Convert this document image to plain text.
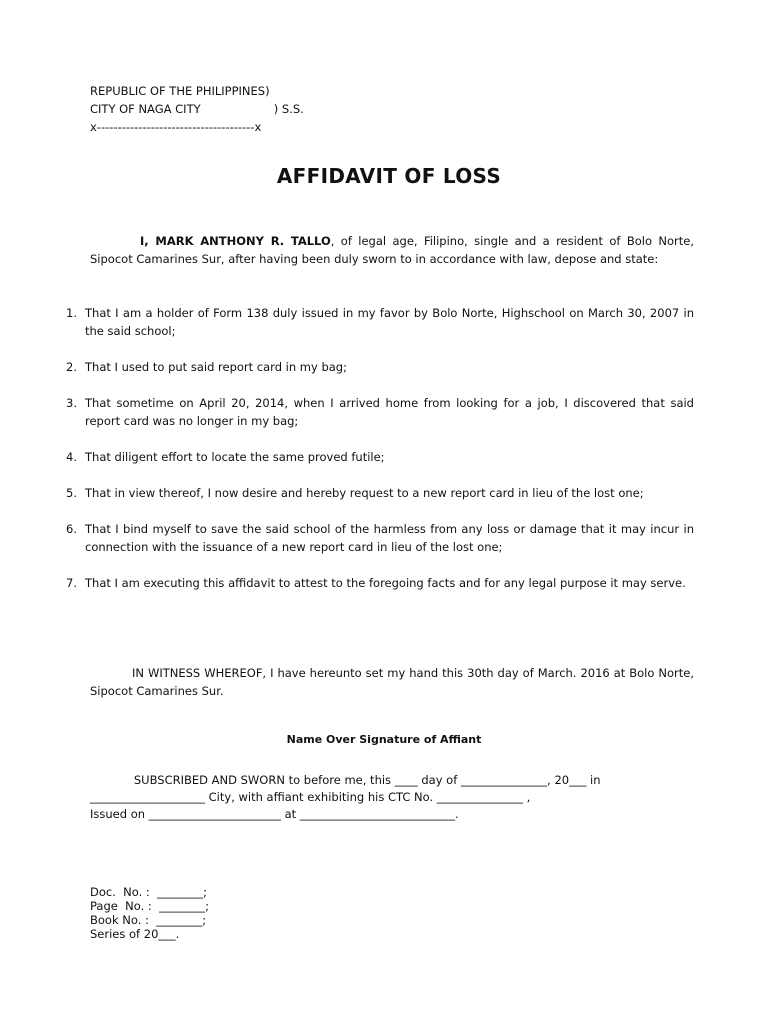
REPUBLIC OF THE PHILIPPINES)
CITY OF NAGA CITY                    ) S.S.
x--------------------------------------x
AFFIDAVIT OF LOSS
I, MARK ANTHONY R. TALLO, of legal age, Filipino, single and a resident of Bolo Norte, Sipocot Camarines Sur, after having been duly sworn to in accordance with law, depose and state:
1. That I am a holder of Form 138 duly issued in my favor by Bolo Norte, Highschool on March 30, 2007 in the said school;
2. That I used to put said report card in my bag;
3. That sometime on April 20, 2014, when I arrived home from looking for a job, I discovered that said report card was no longer in my bag;
4. That diligent effort to locate the same proved futile;
5. That in view thereof, I now desire and hereby request to a new report card in lieu of the lost one;
6. That I bind myself to save the said school of the harmless from any loss or damage that it may incur in connection with the issuance of a new report card in lieu of the lost one;
7. That I am executing this affidavit to attest to the foregoing facts and for any legal purpose it may serve.
IN WITNESS WHEREOF, I have hereunto set my hand this 30th day of March. 2016 at Bolo Norte, Sipocot Camarines Sur.
Name Over Signature of Affiant
SUBSCRIBED AND SWORN to before me, this ____ day of _______________, 20___ in
____________________ City, with affiant exhibiting his CTC No. _______________ ,
Issued on _______________________ at ___________________________.
Doc.  No. :  ________;
Page  No. :  ________;
Book No. :  ________;
Series of 20___.
